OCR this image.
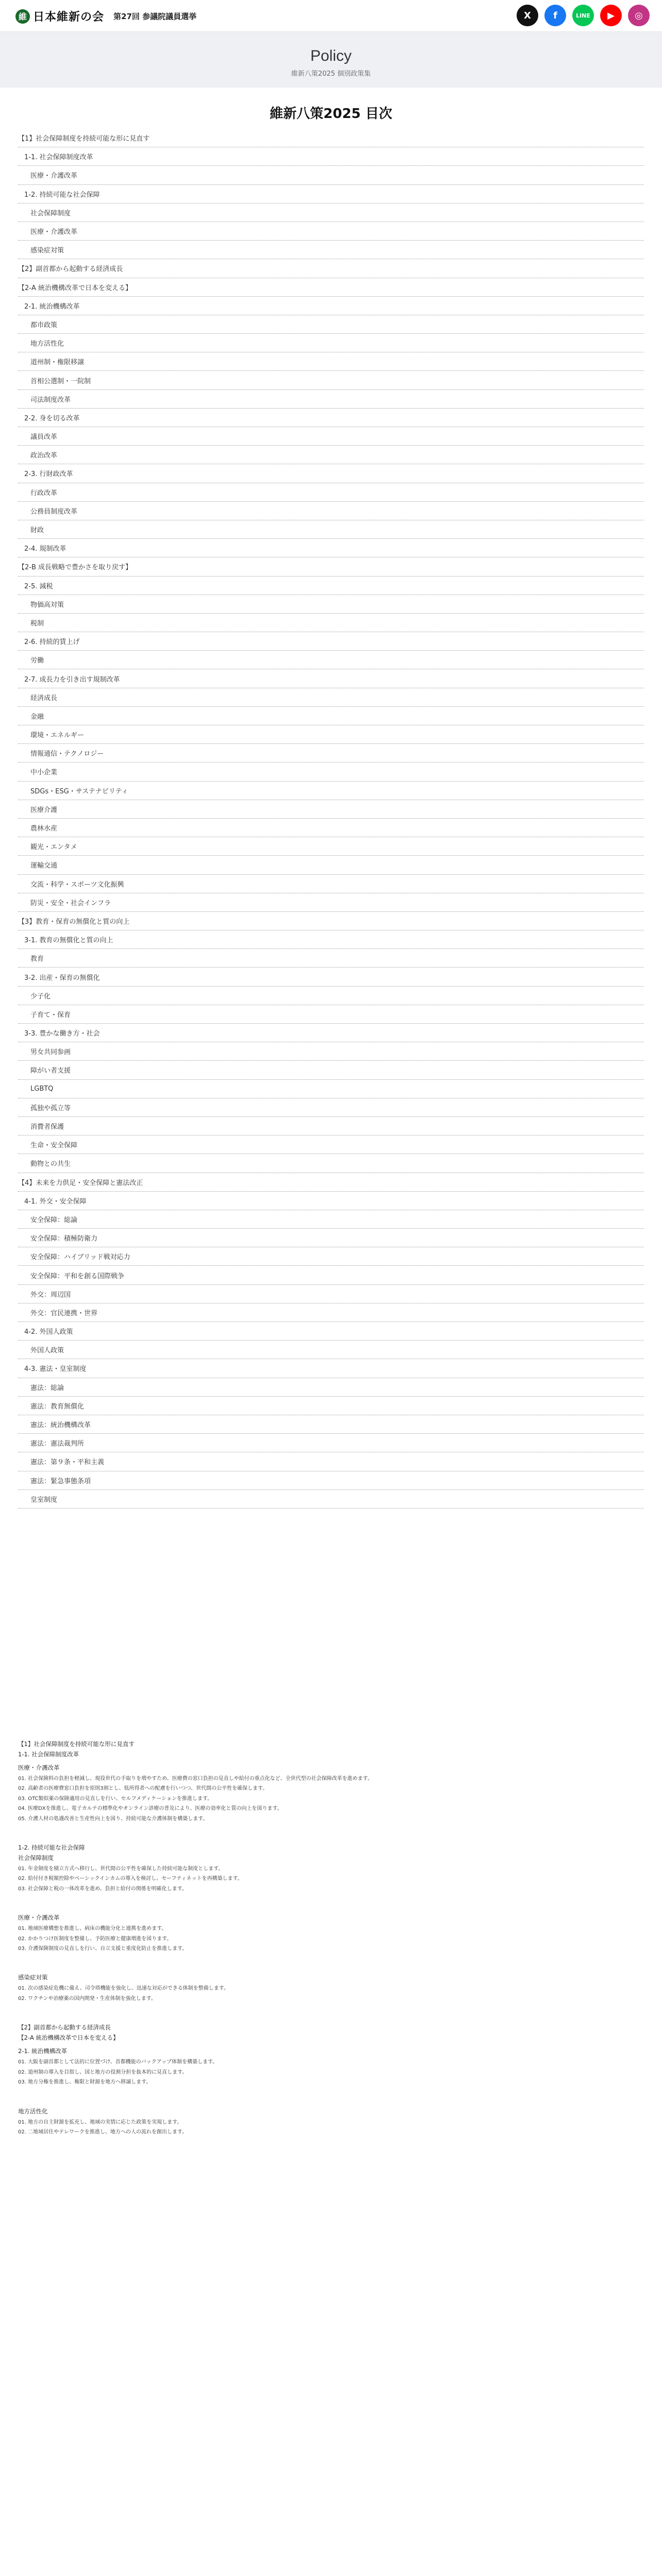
維 日本維新の会 第27回 参議院議員選挙	X	f	LINE	▶	◎
Policy

維新八策2025 個別政策集

維新八策2025 目次
【1】社会保障制度を持続可能な形に見直す
1-1. 社会保障制度改革
医療・介護改革
1-2. 持続可能な社会保障
社会保障制度
医療・介護改革
感染症対策
【2】副首都から起動する経済成長
【2-A 統治機構改革で日本を変える】
2-1. 統治機構改革
都市政策
地方活性化
道州制・権限移譲
首相公選制・一院制
司法制度改革
2-2. 身を切る改革
議員改革
政治改革
2-3. 行財政改革
行政改革
公務員制度改革
財政
2-4. 規制改革
【2-B 成長戦略で豊かさを取り戻す】
2-5. 減税
物価高対策
税制
2-6. 持続的賃上げ
労働
2-7. 成長力を引き出す規制改革
経済成長
金融
環境・エネルギー
情報通信・テクノロジー
中小企業
SDGs・ESG・サステナビリティ
医療介護
農林水産
観光・エンタメ
運輸交通
交流・科学・スポーツ文化振興
防災・安全・社会インフラ
【3】教育・保育の無償化と質の向上
3-1. 教育の無償化と質の向上
教育
3-2. 出産・保育の無償化
少子化
子育て・保育
3-3. 豊かな働き方・社会
男女共同参画
障がい者支援
LGBTQ
孤独や孤立等
消費者保護
生命・安全保障
動物との共生
【4】未来を力供足・安全保障と憲法改正
4-1. 外交・安全保障
安全保障：総論
安全保障：積極防衛力
安全保障：ハイブリッド戦対応力
安全保障：平和を創る国際戦争
外交：周辺国
外交：官民連携・世界
4-2. 外国人政策
外国人政策
4-3. 憲法・皇室制度
憲法：総論
憲法：教育無償化
憲法：統治機構改革
憲法：憲法裁判所
憲法：第９条・平和主義
憲法：緊急事態条項
皇室制度
【1】社会保障制度を持続可能な形に見直す
1-1. 社会保障制度改革
医療・介護改革
01. 社会保険料の負担を軽減し、現役世代の手取りを増やすため、医療費の窓口負担の見直しや給付の重点化など、全世代型の社会保障改革を進めます。
02. 高齢者の医療費窓口負担を原則3割とし、低所得者への配慮を行いつつ、世代間の公平性を確保します。
03. OTC類似薬の保険適用の見直しを行い、セルフメディケーションを推進します。
04. 医療DXを推進し、電子カルテの標準化やオンライン診療の普及により、医療の効率化と質の向上を図ります。
05. 介護人材の処遇改善と生産性向上を図り、持続可能な介護体制を構築します。
1-2. 持続可能な社会保障
社会保障制度
01. 年金制度を積立方式へ移行し、世代間の公平性を確保した持続可能な制度とします。
02. 給付付き税額控除やベーシックインカムの導入を検討し、セーフティネットを再構築します。
03. 社会保障と税の一体改革を進め、負担と給付の関係を明確化します。
医療・介護改革
01. 地域医療構想を推進し、病床の機能分化と連携を進めます。
02. かかりつけ医制度を整備し、予防医療と健康増進を図ります。
03. 介護保険制度の見直しを行い、自立支援と重度化防止を推進します。
感染症対策
01. 次の感染症危機に備え、司令塔機能を強化し、迅速な対応ができる体制を整備します。
02. ワクチンや治療薬の国内開発・生産体制を強化します。
【2】副首都から起動する経済成長
【2-A 統治機構改革で日本を変える】
2-1. 統治機構改革
01. 大阪を副首都として法的に位置づけ、首都機能のバックアップ体制を構築します。
02. 道州制の導入を目指し、国と地方の役割分担を抜本的に見直します。
03. 地方分権を推進し、権限と財源を地方へ移譲します。
地方活性化
01. 地方の自主財源を拡充し、地域の実情に応じた政策を実現します。
02. 二地域居住やテレワークを推進し、地方への人の流れを創出します。
